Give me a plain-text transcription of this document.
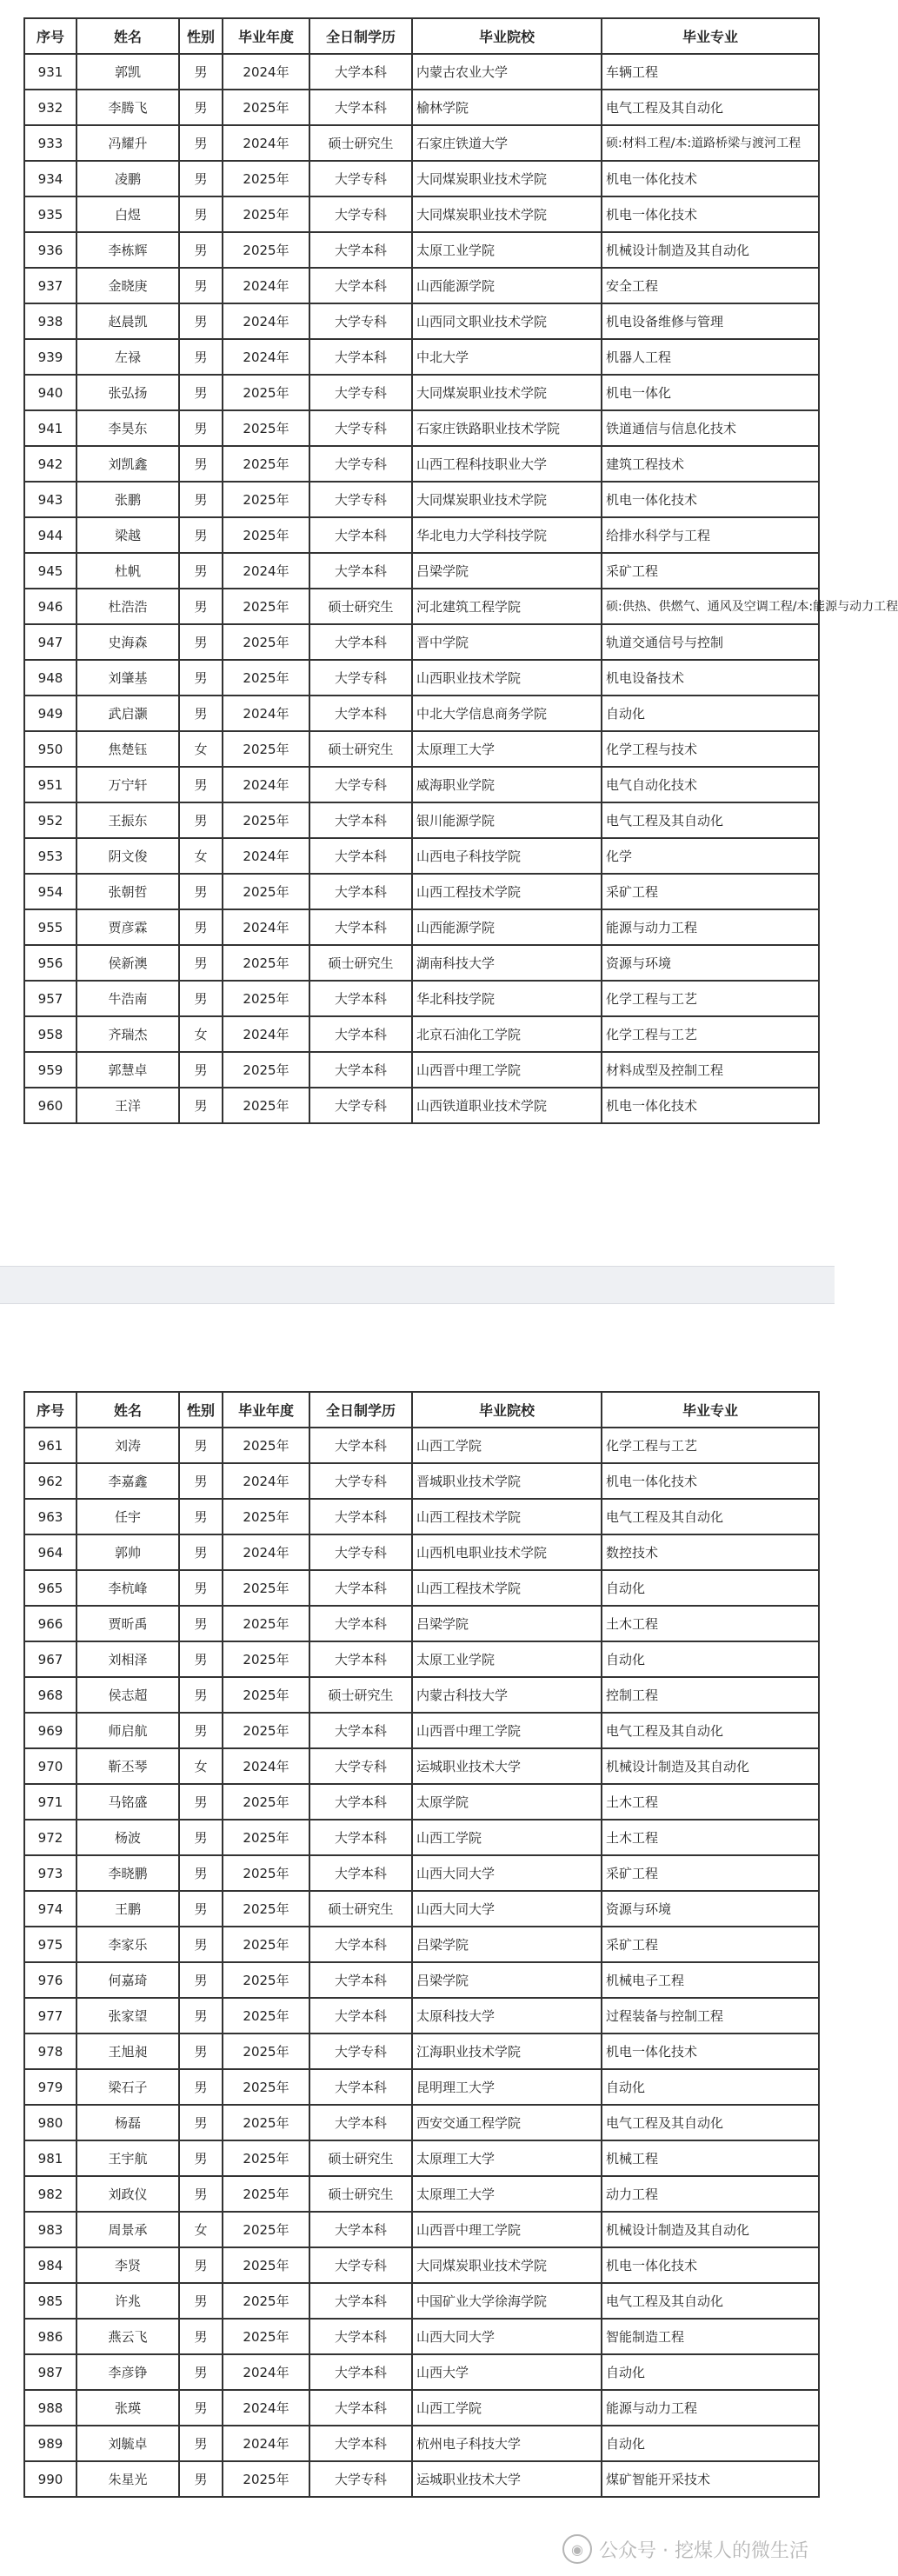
序号	姓名	性别	毕业年度	全日制学历	毕业院校	毕业专业
931	郭凯	男	2024年	大学本科	内蒙古农业大学	车辆工程
932	李腾飞	男	2025年	大学本科	榆林学院	电气工程及其自动化
933	冯耀升	男	2024年	硕士研究生	石家庄铁道大学	硕:材料工程/本:道路桥梁与渡河工程
934	凌鹏	男	2025年	大学专科	大同煤炭职业技术学院	机电一体化技术
935	白煜	男	2025年	大学专科	大同煤炭职业技术学院	机电一体化技术
936	李栋辉	男	2025年	大学本科	太原工业学院	机械设计制造及其自动化
937	金晓庚	男	2024年	大学本科	山西能源学院	安全工程
938	赵晨凯	男	2024年	大学专科	山西同文职业技术学院	机电设备维修与管理
939	左禄	男	2024年	大学本科	中北大学	机器人工程
940	张弘扬	男	2025年	大学专科	大同煤炭职业技术学院	机电一体化
941	李昊东	男	2025年	大学专科	石家庄铁路职业技术学院	铁道通信与信息化技术
942	刘凯鑫	男	2025年	大学专科	山西工程科技职业大学	建筑工程技术
943	张鹏	男	2025年	大学专科	大同煤炭职业技术学院	机电一体化技术
944	梁越	男	2025年	大学本科	华北电力大学科技学院	给排水科学与工程
945	杜帆	男	2024年	大学本科	吕梁学院	采矿工程
946	杜浩浩	男	2025年	硕士研究生	河北建筑工程学院	硕:供热、供燃气、通风及空调工程/本:能源与动力工程
947	史海森	男	2025年	大学本科	晋中学院	轨道交通信号与控制
948	刘肇基	男	2025年	大学专科	山西职业技术学院	机电设备技术
949	武启灏	男	2024年	大学本科	中北大学信息商务学院	自动化
950	焦楚钰	女	2025年	硕士研究生	太原理工大学	化学工程与技术
951	万宁轩	男	2024年	大学专科	威海职业学院	电气自动化技术
952	王振东	男	2025年	大学本科	银川能源学院	电气工程及其自动化
953	阴文俊	女	2024年	大学本科	山西电子科技学院	化学
954	张朝哲	男	2025年	大学本科	山西工程技术学院	采矿工程
955	贾彦霖	男	2024年	大学本科	山西能源学院	能源与动力工程
956	侯新澳	男	2025年	硕士研究生	湖南科技大学	资源与环境
957	牛浩南	男	2025年	大学本科	华北科技学院	化学工程与工艺
958	齐瑞杰	女	2024年	大学本科	北京石油化工学院	化学工程与工艺
959	郭慧卓	男	2025年	大学本科	山西晋中理工学院	材料成型及控制工程
960	王洋	男	2025年	大学专科	山西铁道职业技术学院	机电一体化技术
序号	姓名	性别	毕业年度	全日制学历	毕业院校	毕业专业
961	刘涛	男	2025年	大学本科	山西工学院	化学工程与工艺
962	李嘉鑫	男	2024年	大学专科	晋城职业技术学院	机电一体化技术
963	任宇	男	2025年	大学本科	山西工程技术学院	电气工程及其自动化
964	郭帅	男	2024年	大学专科	山西机电职业技术学院	数控技术
965	李杭峰	男	2025年	大学本科	山西工程技术学院	自动化
966	贾昕禹	男	2025年	大学本科	吕梁学院	土木工程
967	刘相泽	男	2025年	大学本科	太原工业学院	自动化
968	侯志超	男	2025年	硕士研究生	内蒙古科技大学	控制工程
969	师启航	男	2025年	大学本科	山西晋中理工学院	电气工程及其自动化
970	靳丕琴	女	2024年	大学专科	运城职业技术大学	机械设计制造及其自动化
971	马铭盛	男	2025年	大学本科	太原学院	土木工程
972	杨波	男	2025年	大学本科	山西工学院	土木工程
973	李晓鹏	男	2025年	大学本科	山西大同大学	采矿工程
974	王鹏	男	2025年	硕士研究生	山西大同大学	资源与环境
975	李家乐	男	2025年	大学本科	吕梁学院	采矿工程
976	何嘉琦	男	2025年	大学本科	吕梁学院	机械电子工程
977	张家望	男	2025年	大学本科	太原科技大学	过程装备与控制工程
978	王旭昶	男	2025年	大学专科	江海职业技术学院	机电一体化技术
979	梁石子	男	2025年	大学本科	昆明理工大学	自动化
980	杨磊	男	2025年	大学本科	西安交通工程学院	电气工程及其自动化
981	王宇航	男	2025年	硕士研究生	太原理工大学	机械工程
982	刘政仪	男	2025年	硕士研究生	太原理工大学	动力工程
983	周景承	女	2025年	大学本科	山西晋中理工学院	机械设计制造及其自动化
984	李贤	男	2025年	大学专科	大同煤炭职业技术学院	机电一体化技术
985	许兆	男	2025年	大学本科	中国矿业大学徐海学院	电气工程及其自动化
986	燕云飞	男	2025年	大学本科	山西大同大学	智能制造工程
987	李彦铮	男	2024年	大学本科	山西大学	自动化
988	张瑛	男	2024年	大学本科	山西工学院	能源与动力工程
989	刘毓卓	男	2024年	大学本科	杭州电子科技大学	自动化
990	朱星光	男	2025年	大学专科	运城职业技术大学	煤矿智能开采技术
◉ 公众号 · 挖煤人的微生活
